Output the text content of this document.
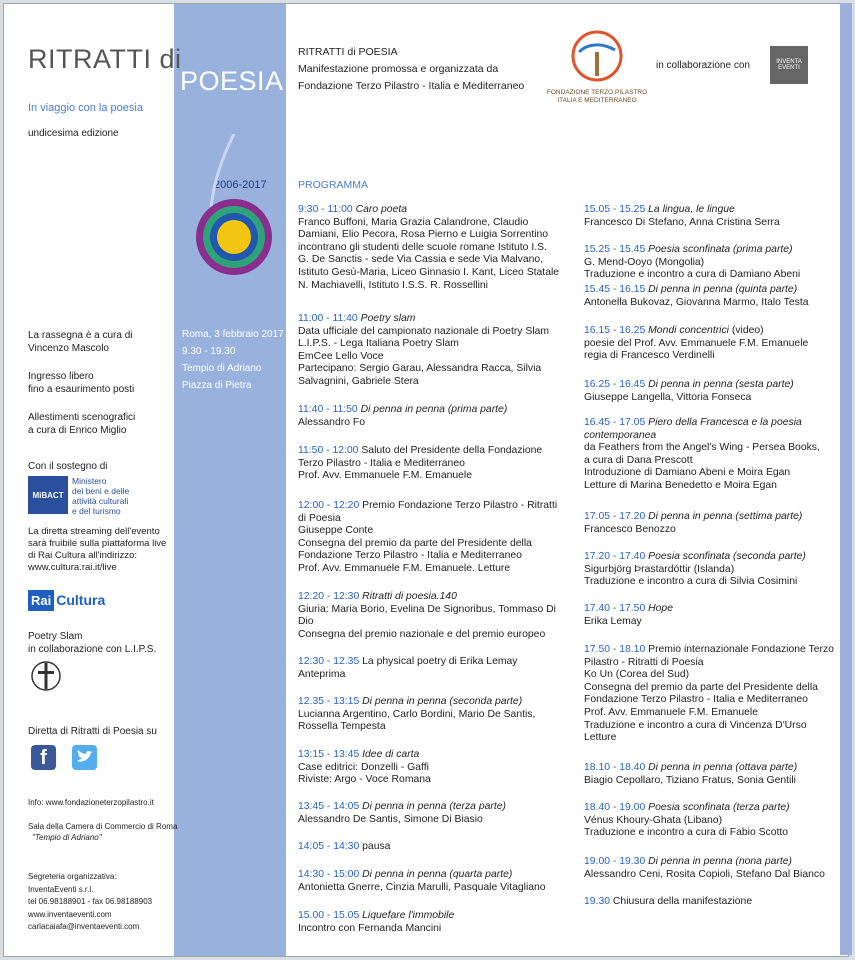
RITRATTI di
POESIA
In viaggio con la poesia
undicesima edizione
2006-2017
Roma, 3 febbraio 2017
9.30 - 19.30
Tempio di Adriano
Piazza di Pietra
La rassegna è a cura di
Vincenzo Mascolo
Ingresso libero
fino a esaurimento posti
Allestimenti scenografici
a cura di Enrico Miglio
Con il sostegno di
MiBACT
Ministero
dei beni e delle
attività culturali
e del turismo
La diretta streaming dell'evento
sarà fruibile sulla piattaforma live
di Rai Cultura all'indirizzo:
www.cultura.rai.it/live
Rai Cultura
Poetry Slam
in collaborazione con L.I.P.S.
Diretta di Ritratti di Poesia su
f
Info: www.fondazioneterzopilastro.it
Sala della Camera di Commercio di Roma
"Tempio di Adriano"
Segreteria organizzativa:
InventaEventi s.r.l.
tel 06.98188901 - fax 06.98188903
www.inventaeventi.com
carlacaiafa@inventaeventi.com
RITRATTI di POESIA
Manifestazione promossa e organizzata da
Fondazione Terzo Pilastro - Italia e Mediterraneo
FONDAZIONE TERZO PILASTRO
ITALIA E MEDITERRANEO
in collaborazione con	INVENTA EVENTI
PROGRAMMA
9:30 - 11:00 Caro poeta
Franco Buffoni, Maria Grazia Calandrone, Claudio
Damiani, Elio Pecora, Rosa Pierno e Luigia Sorrentino
incontrano gli studenti delle scuole romane Istituto I.S.
G. De Sanctis - sede Via Cassia e sede Via Malvano,
Istituto Gesù-Maria, Liceo Ginnasio I. Kant, Liceo Statale
N. Machiavelli, Istituto I.S.S. R. Rossellini
11:00 - 11:40 Poetry slam
Data ufficiale del campionato nazionale di Poetry Slam
L.I.P.S. - Lega Italiana Poetry Slam
EmCee Lello Voce
Partecipano: Sergio Garau, Alessandra Racca, Silvia
Salvagnini, Gabriele Stera
11:40 - 11:50 Di penna in penna (prima parte)
Alessandro Fo
11:50 - 12:00 Saluto del Presidente della Fondazione
Terzo Pilastro - Italia e Mediterraneo
Prof. Avv. Emmanuele F.M. Emanuele
12:00 - 12:20 Premio Fondazione Terzo Pilastro - Ritratti
di Poesia
Giuseppe Conte
Consegna del premio da parte del Presidente della
Fondazione Terzo Pilastro - Italia e Mediterraneo
Prof. Avv. Emmanuele F.M. Emanuele. Letture
12:20 - 12:30 Ritratti di poesia.140
Giuria: Maria Borio, Evelina De Signoribus, Tommaso Di
Dio
Consegna del premio nazionale e del premio europeo
12:30 - 12.35 La physical poetry di Erika Lemay
Anteprima
12.35 - 13:15 Di penna in penna (seconda parte)
Lucianna Argentino, Carlo Bordini, Mario De Santis,
Rossella Tempesta
13:15 - 13:45 Idee di carta
Case editrici: Donzelli - Gaffi
Riviste: Argo - Voce Romana
13:45 - 14:05 Di penna in penna (terza parte)
Alessandro De Santis, Simone Di Biasio
14:05 - 14:30 pausa
14:30 - 15:00 Di penna in penna (quarta parte)
Antonietta Gnerre, Cinzia Marulli, Pasquale Vitagliano
15.00 - 15.05 Liquefare l'immobile
Incontro con Fernanda Mancini
15.05 - 15.25 La lingua, le lingue
Francesco Di Stefano, Anna Cristina Serra
15.25 - 15.45 Poesia sconfinata (prima parte)
G. Mend-Ooyo (Mongolia)
Traduzione e incontro a cura di Damiano Abeni
15.45 - 16.15 Di penna in penna (quinta parte)
Antonella Bukovaz, Giovanna Marmo, Italo Testa
16.15 - 16.25 Mondi concentrici (video)
poesie del Prof. Avv. Emmanuele F.M. Emanuele
regia di Francesco Verdinelli
16.25 - 16.45 Di penna in penna (sesta parte)
Giuseppe Langella, Vittoria Fonseca
16.45 - 17.05 Piero della Francesca e la poesia
contemporanea
da Feathers from the Angel's Wing - Persea Books,
a cura di Dana Prescott
Introduzione di Damiano Abeni e Moira Egan
Letture di Marina Benedetto e Moira Egan
17.05 - 17.20 Di penna in penna (settima parte)
Francesco Benozzo
17.20 - 17.40 Poesia sconfinata (seconda parte)
Sigurbjörg Þrastardóttir (Islanda)
Traduzione e incontro a cura di Silvia Cosimini
17.40 - 17.50 Hope
Erika Lemay
17.50 - 18.10 Premio internazionale Fondazione Terzo
Pilastro - Ritratti di Poesia
Ko Un (Corea del Sud)
Consegna del premio da parte del Presidente della
Fondazione Terzo Pilastro - Italia e Mediterraneo
Prof. Avv. Emmanuele F.M. Emanuele
Traduzione e incontro a cura di Vincenza D'Urso
Letture
18.10 - 18.40 Di penna in penna (ottava parte)
Biagio Cepollaro, Tiziano Fratus, Sonia Gentili
18.40 - 19.00 Poesia sconfinata (terza parte)
Vénus Khoury-Ghata (Libano)
Traduzione e incontro a cura di Fabio Scotto
19.00 - 19.30 Di penna in penna (nona parte)
Alessandro Ceni, Rosita Copioli, Stefano Dal Bianco
19.30 Chiusura della manifestazione
